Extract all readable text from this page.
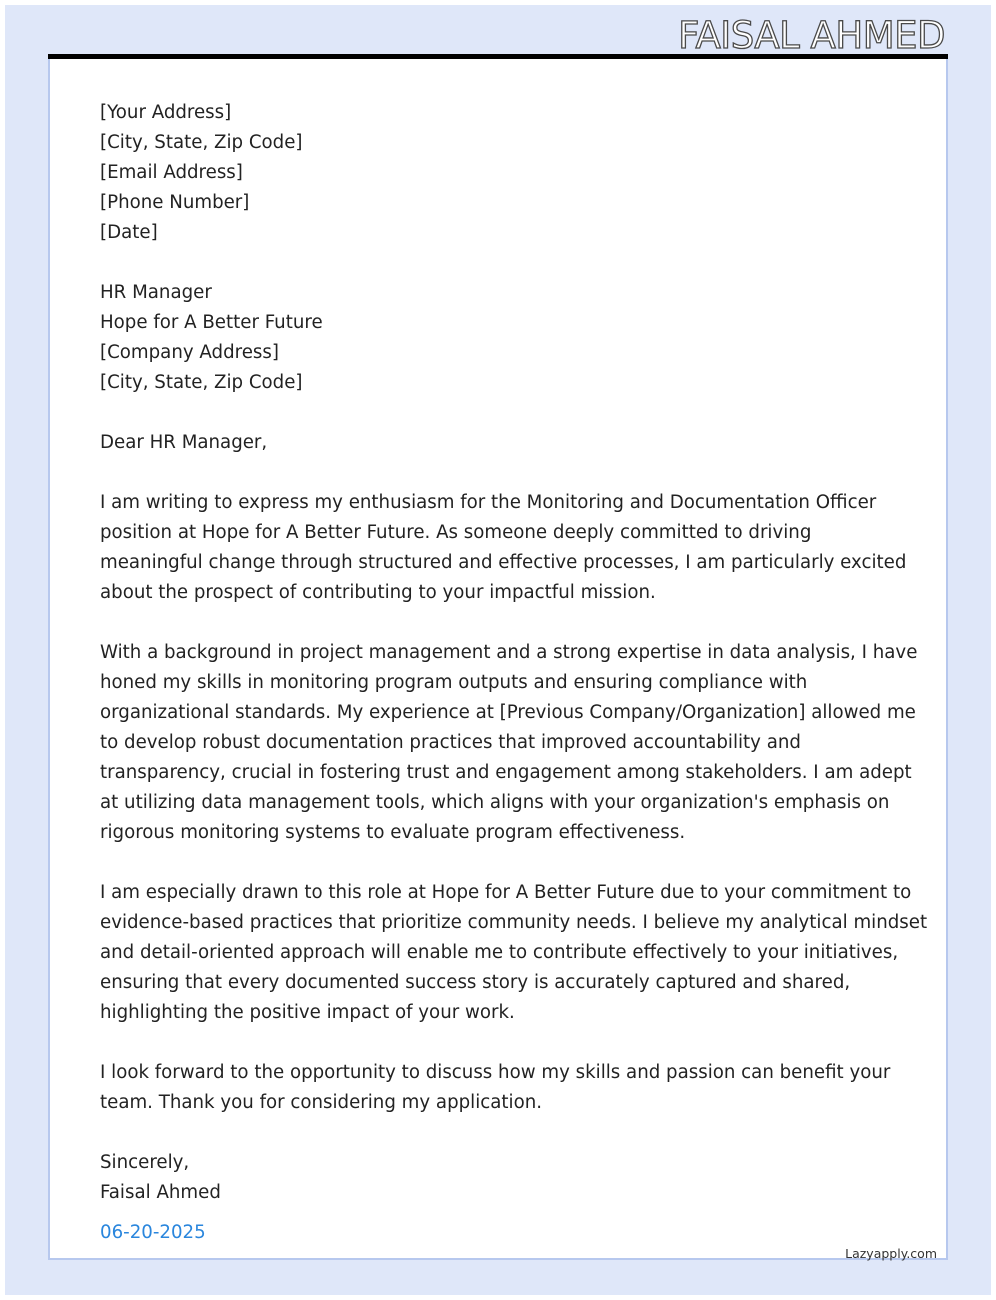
FAISAL AHMED
[Your Address]
[City, State, Zip Code]
[Email Address]
[Phone Number]
[Date]
HR Manager
Hope for A Better Future
[Company Address]
[City, State, Zip Code]
Dear HR Manager,
I am writing to express my enthusiasm for the Monitoring and Documentation Officer
position at Hope for A Better Future. As someone deeply committed to driving
meaningful change through structured and effective processes, I am particularly excited
about the prospect of contributing to your impactful mission.
With a background in project management and a strong expertise in data analysis, I have
honed my skills in monitoring program outputs and ensuring compliance with
organizational standards. My experience at [Previous Company/Organization] allowed me
to develop robust documentation practices that improved accountability and
transparency, crucial in fostering trust and engagement among stakeholders. I am adept
at utilizing data management tools, which aligns with your organization's emphasis on
rigorous monitoring systems to evaluate program effectiveness.
I am especially drawn to this role at Hope for A Better Future due to your commitment to
evidence-based practices that prioritize community needs. I believe my analytical mindset
and detail-oriented approach will enable me to contribute effectively to your initiatives,
ensuring that every documented success story is accurately captured and shared,
highlighting the positive impact of your work.
I look forward to the opportunity to discuss how my skills and passion can benefit your
team. Thank you for considering my application.
Sincerely,
Faisal Ahmed
06-20-2025
Lazyapply.com
